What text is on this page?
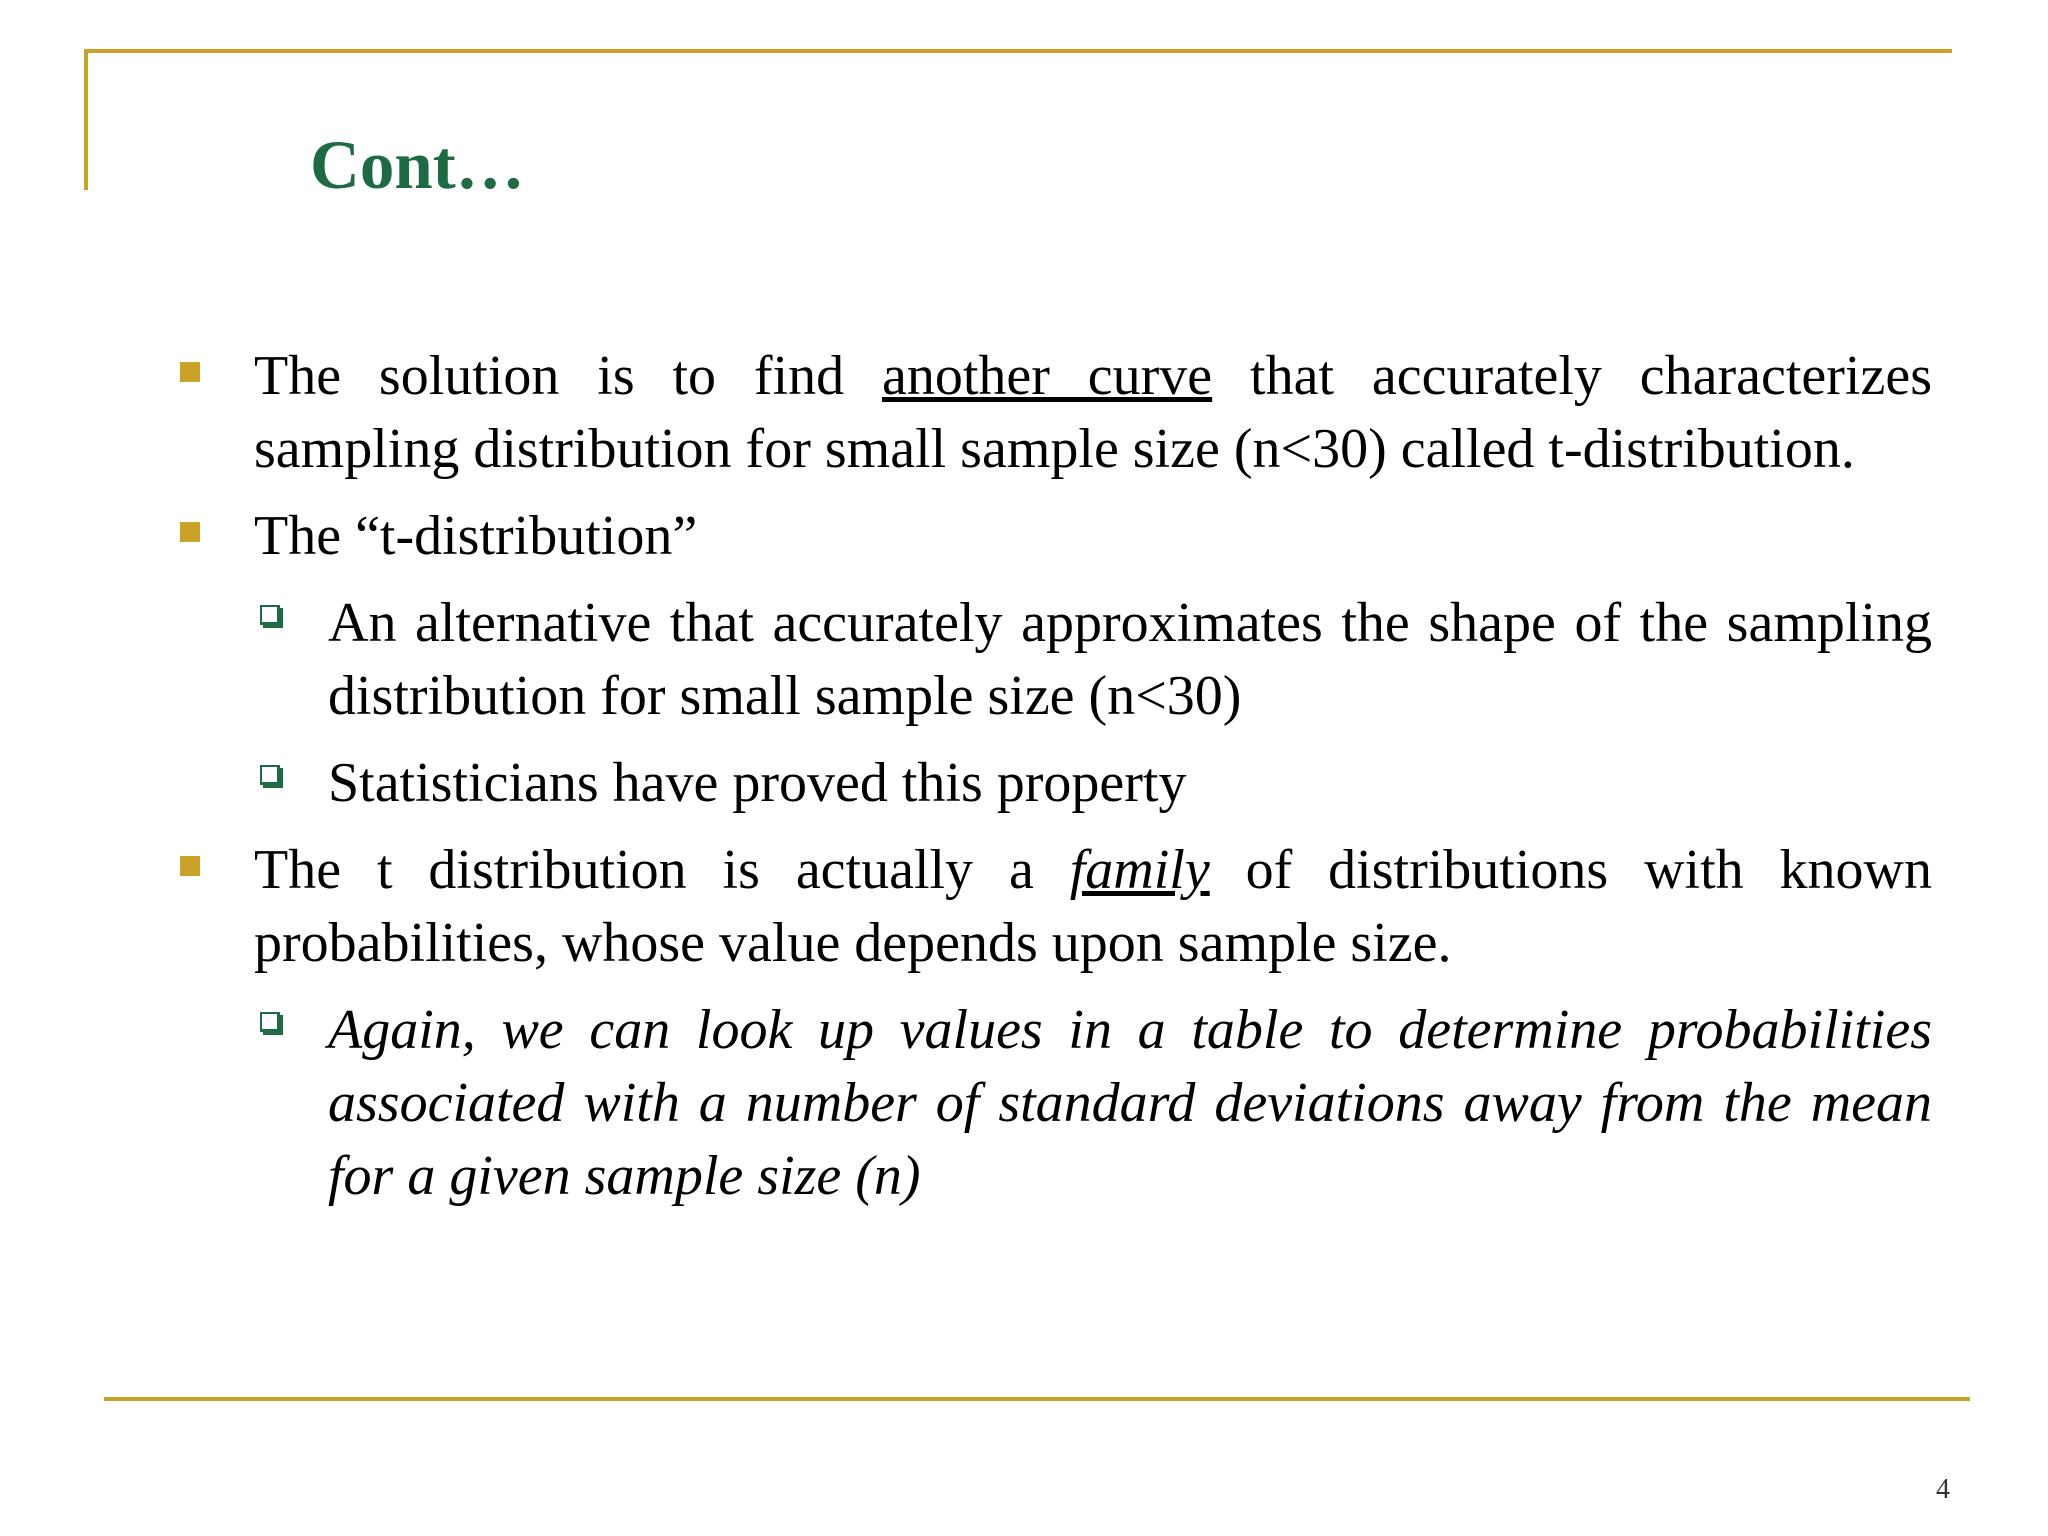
Cont…
The solution is to find another curve that accurately characterizes sampling distribution for small sample size (n<30) called t-distribution.
The “t-distribution”
An alternative that accurately approximates the shape of the sampling distribution for small sample size (n<30)
Statisticians have proved this property
The t distribution is actually a family of distributions with known probabilities, whose value depends upon sample size.
Again, we can look up values in a table to determine probabilities associated with a number of standard deviations away from the mean for a given sample size (n)
4
